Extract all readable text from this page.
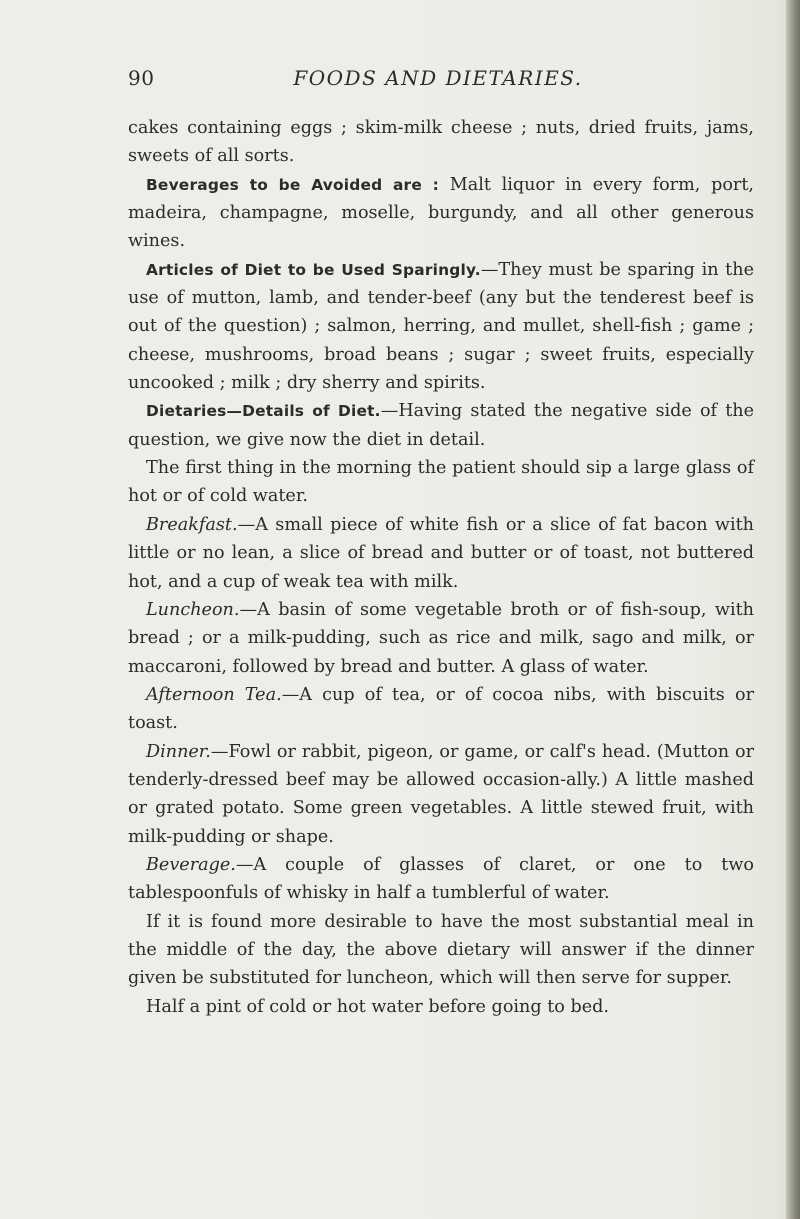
90	FOODS AND DIETARIES.

cakes containing eggs ; skim-milk cheese ; nuts, dried fruits, jams, sweets of all sorts.

Beverages to be Avoided are : Malt liquor in every form, port, madeira, champagne, moselle, burgundy, and all other generous wines.

Articles of Diet to be Used Sparingly.—They must be sparing in the use of mutton, lamb, and tender-beef (any but the tenderest beef is out of the question) ; salmon, herring, and mullet, shell-fish ; game ; cheese, mushrooms, broad beans ; sugar ; sweet fruits, especially uncooked ; milk ; dry sherry and spirits.

Dietaries—Details of Diet.—Having stated the negative side of the question, we give now the diet in detail.

The first thing in the morning the patient should sip a large glass of hot or of cold water.

Breakfast.—A small piece of white fish or a slice of fat bacon with little or no lean, a slice of bread and butter or of toast, not buttered hot, and a cup of weak tea with milk.

Luncheon.—A basin of some vegetable broth or of fish-soup, with bread ; or a milk-pudding, such as rice and milk, sago and milk, or maccaroni, followed by bread and butter. A glass of water.

Afternoon Tea.—A cup of tea, or of cocoa nibs, with biscuits or toast.

Dinner.—Fowl or rabbit, pigeon, or game, or calf's head. (Mutton or tenderly-dressed beef may be allowed occasion-ally.) A little mashed or grated potato. Some green vegetables. A little stewed fruit, with milk-pudding or shape.

Beverage.—A couple of glasses of claret, or one to two tablespoonfuls of whisky in half a tumblerful of water.

If it is found more desirable to have the most substantial meal in the middle of the day, the above dietary will answer if the dinner given be substituted for luncheon, which will then serve for supper.

Half a pint of cold or hot water before going to bed.
